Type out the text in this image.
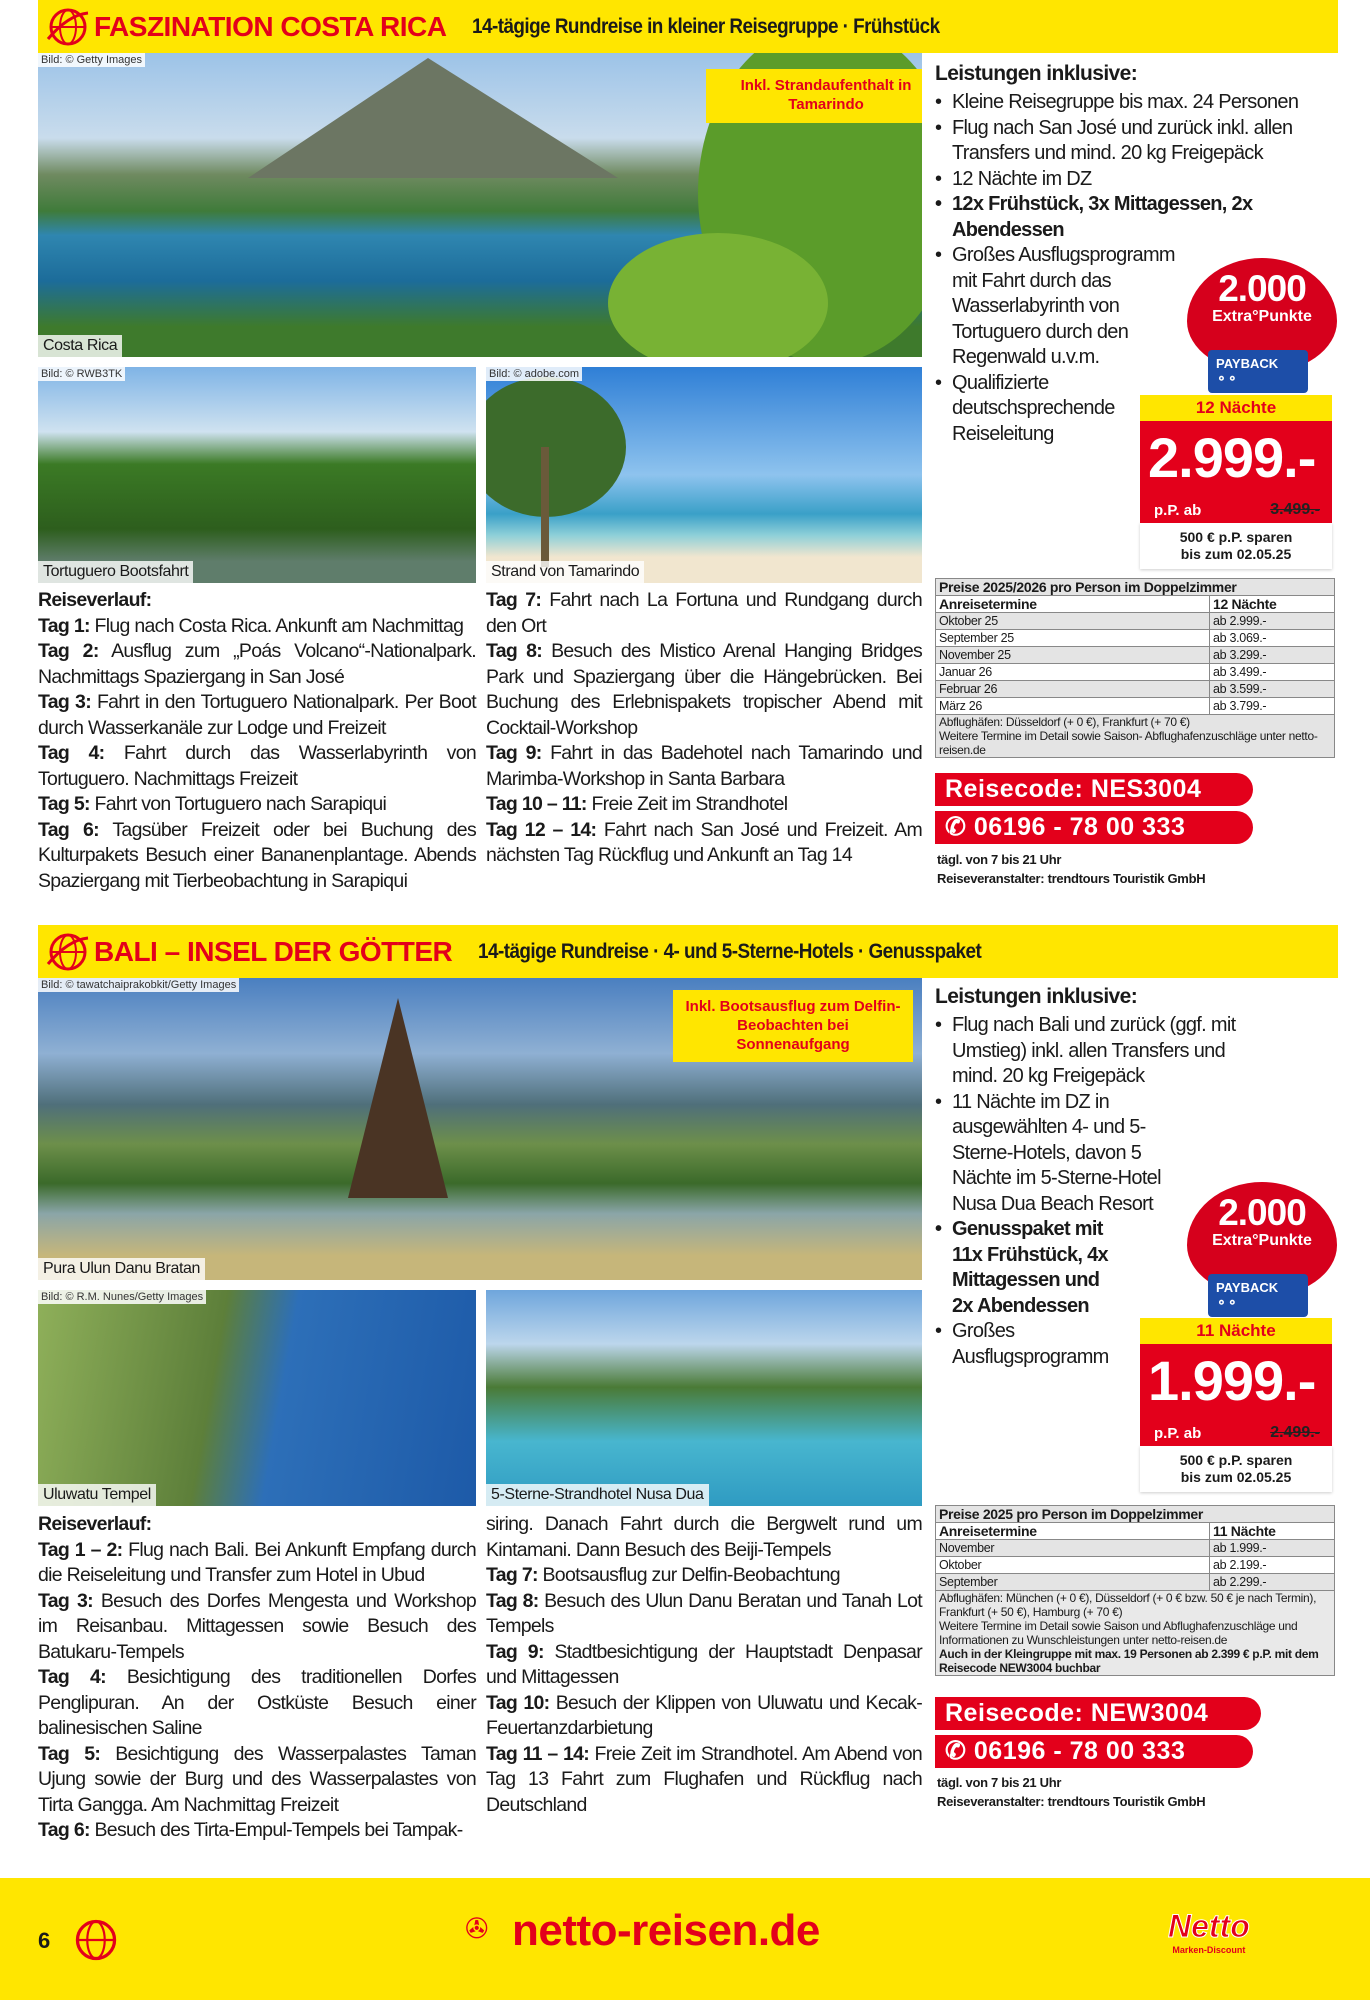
FASZINATION COSTA RICA 14-tägige Rundreise in kleiner Reisegruppe · Frühstück
Bild: © Getty Images
Costa Rica
Inkl. Strandaufenthalt in Tamarindo
Bild: © RWB3TK
Tortuguero Bootsfahrt
Bild: © adobe.com
Strand von Tamarindo
Leistungen inklusive:
• Kleine Reisegruppe bis max. 24 Personen
• Flug nach San José und zurück inkl. allen Transfers und mind. 20 kg Freigepäck
• 12 Nächte im DZ
• 12x Frühstück, 3x Mittagessen, 2x Abendessen
• Großes Ausflugsprogramm mit Fahrt durch das Wasserlabyrinth von Tortuguero durch den Regenwald u.v.m.
• Qualifizierte deutschsprechende Reiseleitung
2.000
Extra°Punkte
PAYBACK ⚬⚬
12 Nächte
2.999.-
p.P. ab	3.499.-
500 € p.P. sparen
bis zum 02.05.25
Reiseverlauf:
Tag 1: Flug nach Costa Rica. Ankunft am Nachmittag
Tag 2: Ausflug zum „Poás Volcano“-Nationalpark. Nachmittags Spaziergang in San José
Tag 3: Fahrt in den Tortuguero Nationalpark. Per Boot durch Wasserkanäle zur Lodge und Freizeit
Tag 4: Fahrt durch das Wasserlabyrinth von Tortuguero. Nachmittags Freizeit
Tag 5: Fahrt von Tortuguero nach Sarapiqui
Tag 6: Tagsüber Freizeit oder bei Buchung des Kulturpakets Besuch einer Bananenplantage. Abends Spaziergang mit Tierbeobachtung in Sarapiqui
Tag 7: Fahrt nach La Fortuna und Rundgang durch den Ort
Tag 8: Besuch des Mistico Arenal Hanging Bridges Park und Spaziergang über die Hängebrücken. Bei Buchung des Erlebnispakets tropischer Abend mit Cocktail-Workshop
Tag 9: Fahrt in das Badehotel nach Tamarindo und Marimba-Workshop in Santa Barbara
Tag 10 – 11: Freie Zeit im Strandhotel
Tag 12 – 14: Fahrt nach San José und Freizeit. Am nächsten Tag Rückflug und Ankunft an Tag 14
Preise 2025/2026 pro Person im Doppelzimmer	
Anreisetermine	12 Nächte
Oktober 25	ab 2.999.-
September 25	ab 3.069.-
November 25	ab 3.299.-
Januar 26	ab 3.499.-
Februar 26	ab 3.599.-
März 26	ab 3.799.-

Abflughäfen: Düsseldorf (+ 0 €), Frankfurt (+ 70 €)
Weitere Termine im Detail sowie Saison- Abflughafenzuschläge unter netto-reisen.de	
Reisecode: NES3004
✆ 06196 - 78 00 333
tägl. von 7 bis 21 Uhr
Reiseveranstalter: trendtours Touristik GmbH
BALI – INSEL DER GÖTTER 14-tägige Rundreise · 4- und 5-Sterne-Hotels · Genusspaket
Bild: © tawatchaiprakobkit/Getty Images
Pura Ulun Danu Bratan
Inkl. Bootsausflug zum Delfin-Beobachten bei Sonnenaufgang
Bild: © R.M. Nunes/Getty Images
Uluwatu Tempel	5-Sterne-Strandhotel Nusa Dua
Leistungen inklusive:
• Flug nach Bali und zurück (ggf. mit Umstieg) inkl. allen Transfers und mind. 20 kg Freigepäck
• 11 Nächte im DZ in ausgewählten 4- und 5-Sterne-Hotels, davon 5 Nächte im 5-Sterne-Hotel Nusa Dua Beach Resort
• Genusspaket mit 11x Frühstück, 4x Mittagessen und 2x Abendessen
• Großes Ausflugsprogramm
2.000
Extra°Punkte
PAYBACK ⚬⚬
11 Nächte
1.999.-
p.P. ab	2.499.-
500 € p.P. sparen
bis zum 02.05.25
Reiseverlauf:
Tag 1 – 2: Flug nach Bali. Bei Ankunft Empfang durch die Reiseleitung und Transfer zum Hotel in Ubud
Tag 3: Besuch des Dorfes Mengesta und Workshop im Reisanbau. Mittagessen sowie Besuch des Batukaru-Tempels
Tag 4: Besichtigung des traditionellen Dorfes Penglipuran. An der Ostküste Besuch einer balinesischen Saline
Tag 5: Besichtigung des Wasserpalastes Taman Ujung sowie der Burg und des Wasserpalastes von Tirta Gangga. Am Nachmittag Freizeit
Tag 6: Besuch des Tirta-Empul-Tempels bei Tampak-
siring. Danach Fahrt durch die Bergwelt rund um Kintamani. Dann Besuch des Beiji-Tempels
Tag 7: Bootsausflug zur Delfin-Beobachtung
Tag 8: Besuch des Ulun Danu Beratan und Tanah Lot Tempels
Tag 9: Stadtbesichtigung der Hauptstadt Denpasar und Mittagessen
Tag 10: Besuch der Klippen von Uluwatu und Kecak-Feuertanzdarbietung
Tag 11 – 14: Freie Zeit im Strandhotel. Am Abend von Tag 13 Fahrt zum Flughafen und Rückflug nach Deutschland
Preise 2025 pro Person im Doppelzimmer	
Anreisetermine	11 Nächte
November	ab 1.999.-
Oktober	ab 2.199.-
September	ab 2.299.-

Abflughäfen: München (+ 0 €), Düsseldorf (+ 0 € bzw. 50 € je nach Termin), Frankfurt (+ 50 €), Hamburg (+ 70 €)
Weitere Termine im Detail sowie Saison und Abflughafenzuschläge und Informationen zu Wunschleistungen unter netto-reisen.de
Auch in der Kleingruppe mit max. 19 Personen ab 2.399 € p.P. mit dem Reisecode NEW3004 buchbar	
Reisecode: NEW3004
✆ 06196 - 78 00 333
tägl. von 7 bis 21 Uhr
Reiseveranstalter: trendtours Touristik GmbH
6	✇ netto-reisen.de	Netto
Marken-Discount
